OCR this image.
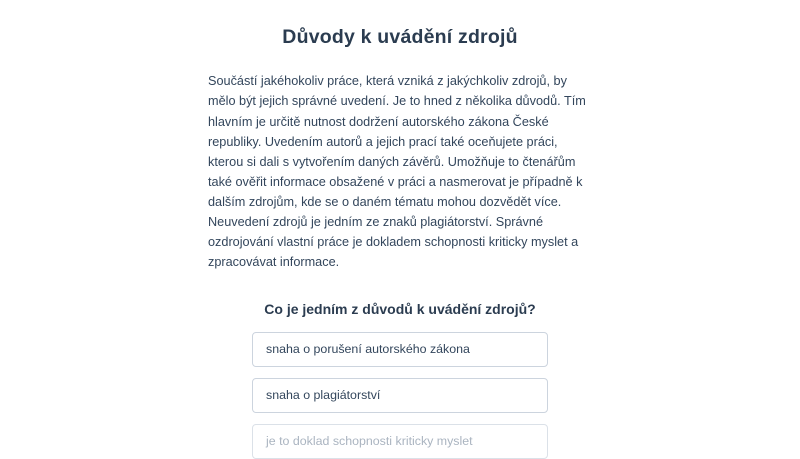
Důvody k uvádění zdrojů

Součástí jakéhokoliv práce, která vzniká z jakýchkoliv zdrojů, by mělo být jejich správné uvedení. Je to hned z několika důvodů. Tím hlavním je určitě nutnost dodržení autorského zákona České republiky. Uvedením autorů a jejich prací také oceňujete práci, kterou si dali s vytvořením daných závěrů. Umožňuje to čtenářům také ověřit informace obsažené v práci a nasmerovat je případně k dalším zdrojům, kde se o daném tématu mohou dozvědět více. Neuvedení zdrojů je jedním ze znaků plagiátorství. Správné ozdrojování vlastní práce je dokladem schopnosti kriticky myslet a zpracovávat informace.

Co je jedním z důvodů k uvádění zdrojů?
snaha o porušení autorského zákona
snaha o plagiátorství
je to doklad schopnosti kriticky myslet
